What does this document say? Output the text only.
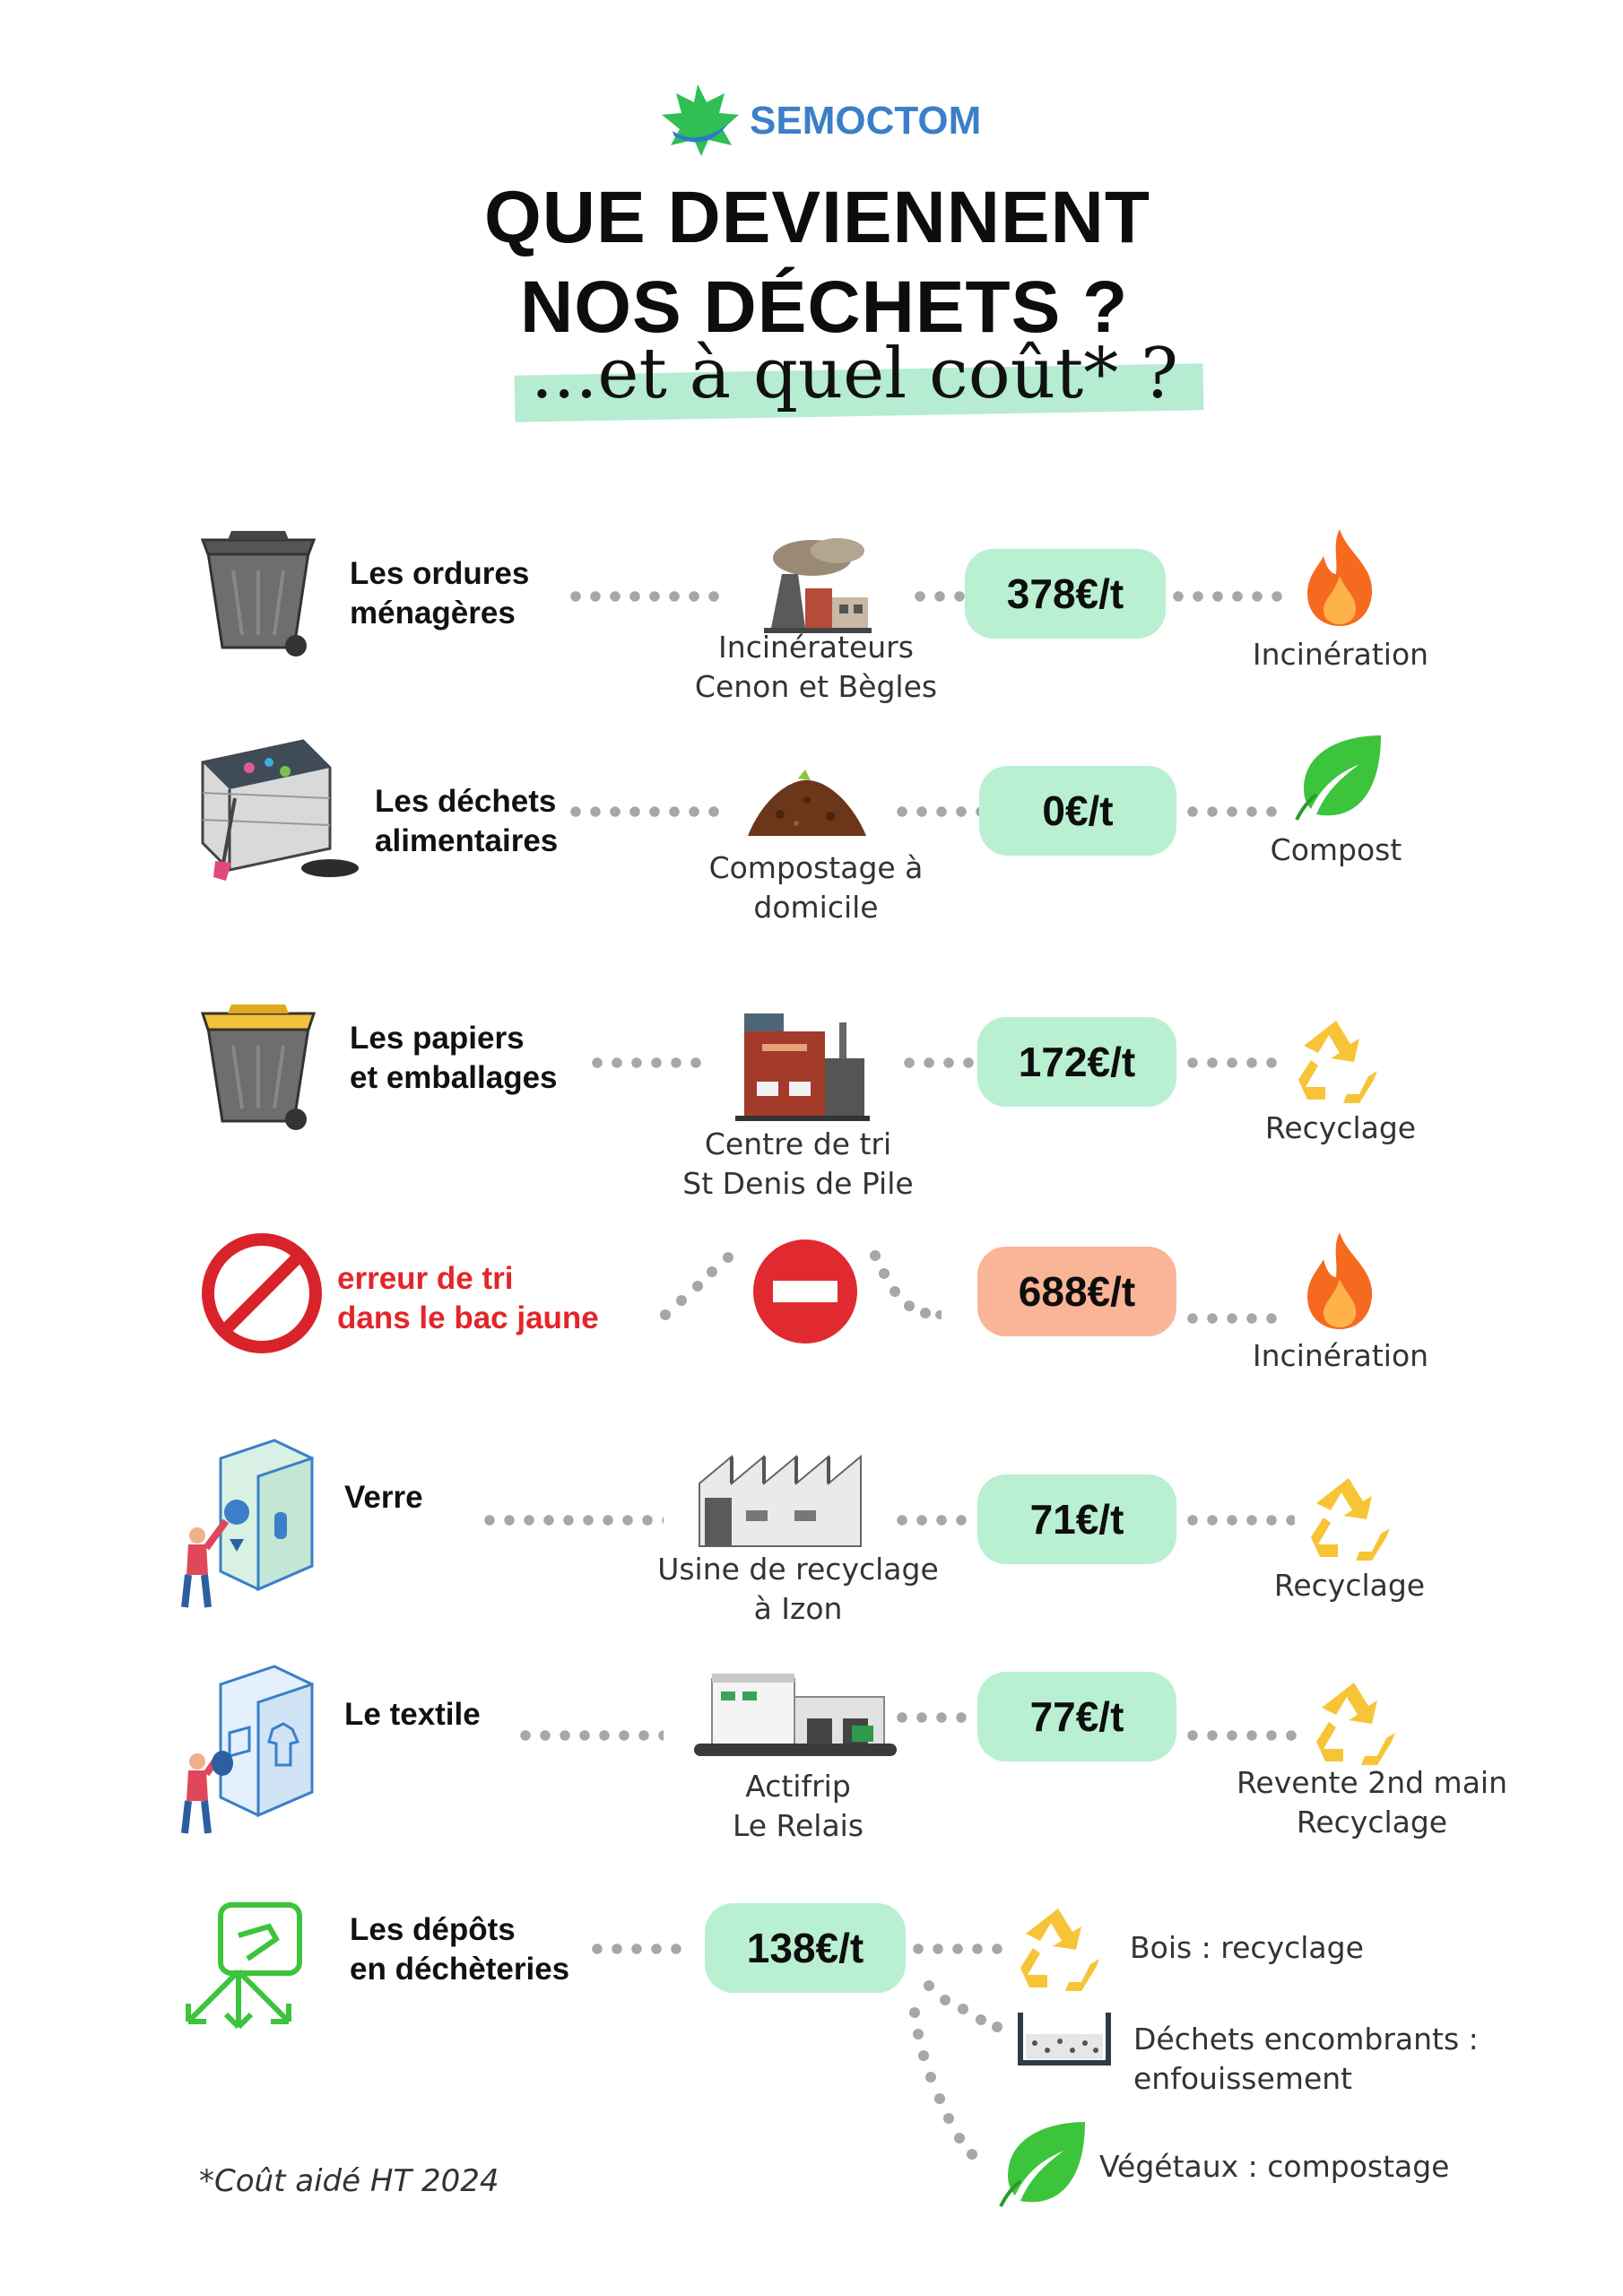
SEMOCTOM
QUE DEVIENNENT
NOS DÉCHETS ?
...et à quel coût* ?
Les ordures
ménagères
Incinérateurs
Cenon et Bègles
378€/t
Incinération
Les déchets
alimentaires
Compostage à
domicile
0€/t
Compost
Les papiers
et emballages
Centre de tri
St Denis de Pile
172€/t
Recyclage
erreur de tri
dans le bac jaune
688€/t
Incinération
Verre
Usine de recyclage
à Izon
71€/t
Recyclage
Le textile
Actifrip
Le Relais
77€/t
Revente 2nd main
Recyclage
Les dépôts
en déchèteries	138€/t	Bois : recyclage
Déchets encombrants :
enfouissement
Végétaux : compostage
*Coût aidé HT 2024
